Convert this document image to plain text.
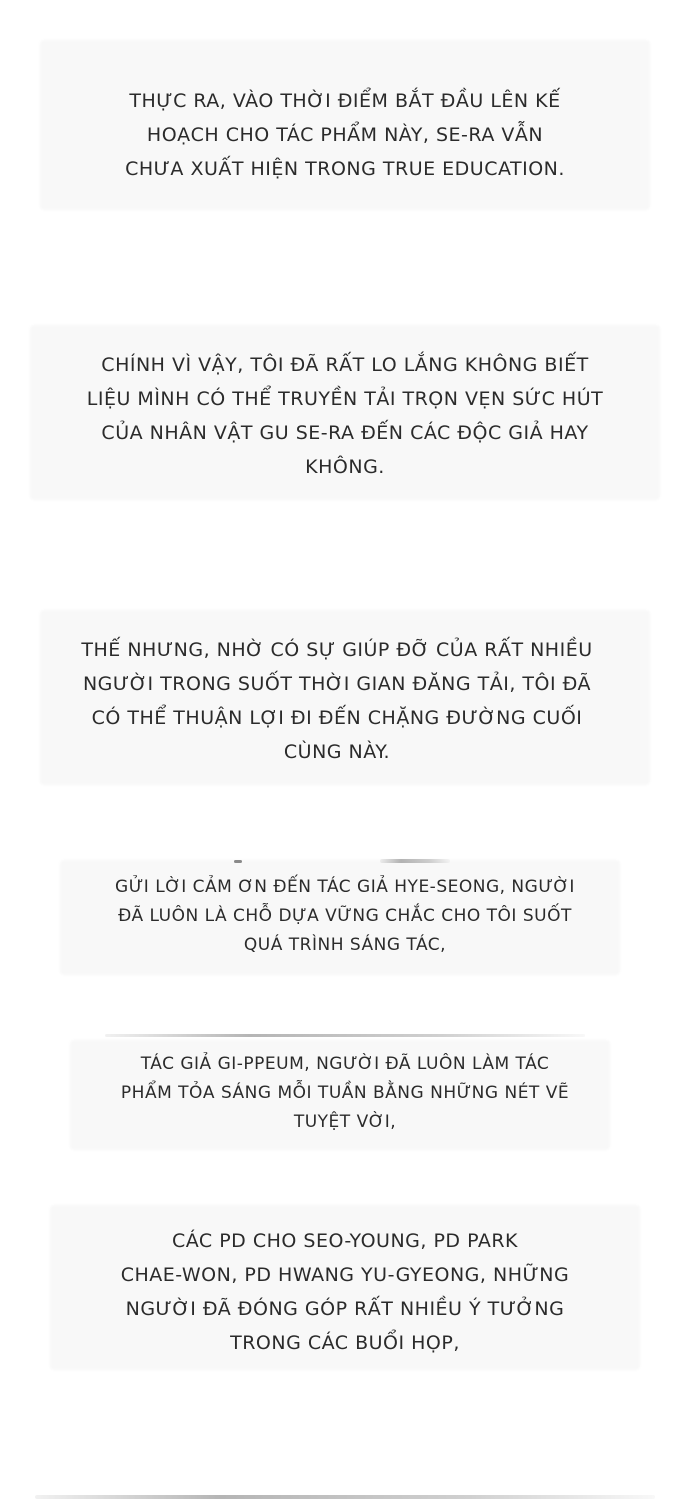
THỰC RA, VÀO THỜI ĐIỂM BẮT ĐẦU LÊN KẾ
HOẠCH CHO TÁC PHẨM NÀY, SE-RA VẪN
CHƯA XUẤT HIỆN TRONG TRUE EDUCATION.
CHÍNH VÌ VẬY, TÔI ĐÃ RẤT LO LẮNG KHÔNG BIẾT
LIỆU MÌNH CÓ THỂ TRUYỀN TẢI TRỌN VẸN SỨC HÚT
CỦA NHÂN VẬT GU SE-RA ĐẾN CÁC ĐỘC GIẢ HAY
KHÔNG.
THẾ NHƯNG, NHỜ CÓ SỰ GIÚP ĐỠ CỦA RẤT NHIỀU
NGƯỜI TRONG SUỐT THỜI GIAN ĐĂNG TẢI, TÔI ĐÃ
CÓ THỂ THUẬN LỢI ĐI ĐẾN CHẶNG ĐƯỜNG CUỐI
CÙNG NÀY.
GỬI LỜI CẢM ƠN ĐẾN TÁC GIẢ HYE-SEONG, NGƯỜI
ĐÃ LUÔN LÀ CHỖ DỰA VỮNG CHẮC CHO TÔI SUỐT
QUÁ TRÌNH SÁNG TÁC,
TÁC GIẢ GI-PPEUM, NGƯỜI ĐÃ LUÔN LÀM TÁC
PHẨM TỎA SÁNG MỖI TUẦN BẰNG NHỮNG NÉT VẼ
TUYỆT VỜI,
CÁC PD CHO SEO-YOUNG, PD PARK
CHAE-WON, PD HWANG YU-GYEONG, NHỮNG
NGƯỜI ĐÃ ĐÓNG GÓP RẤT NHIỀU Ý TƯỞNG
TRONG CÁC BUỔI HỌP,
